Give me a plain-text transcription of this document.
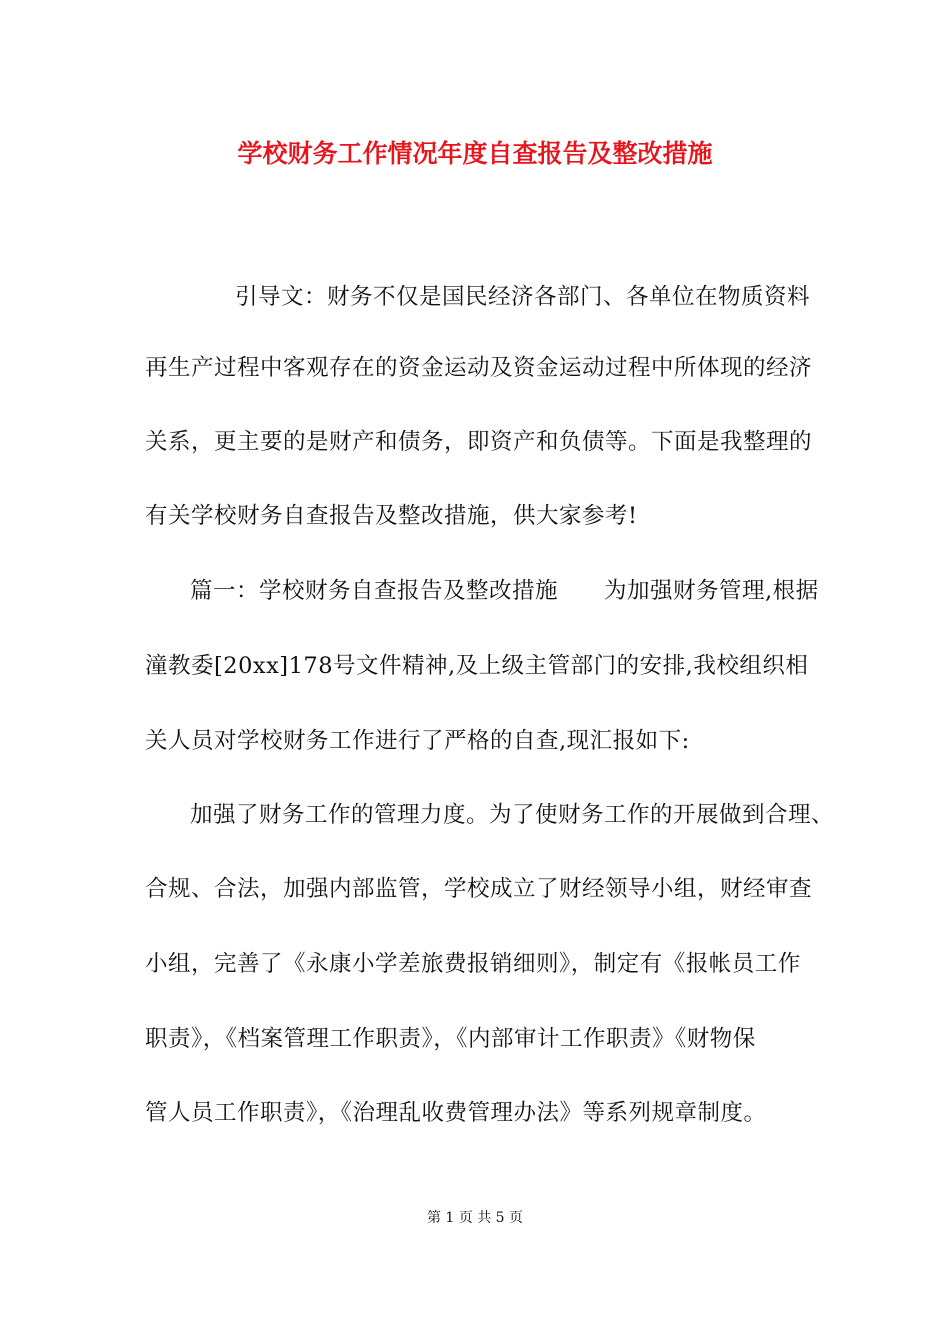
学校财务工作情况年度自查报告及整改措施
引导文：财务不仅是国民经济各部门、各单位在物质资料
再生产过程中客观存在的资金运动及资金运动过程中所体现的经济
关系，更主要的是财产和债务，即资产和负债等。下面是我整理的
有关学校财务自查报告及整改措施，供大家参考!
篇一：学校财务自查报告及整改措施　　为加强财务管理,根据
潼教委[20xx]178号文件精神,及上级主管部门的安排,我校组织相
关人员对学校财务工作进行了严格的自查,现汇报如下:
加强了财务工作的管理力度。为了使财务工作的开展做到合理、
合规、合法，加强内部监管，学校成立了财经领导小组，财经审查
小组，完善了《永康小学差旅费报销细则》，制定有《报帐员工作
职责》，《档案管理工作职责》，《内部审计工作职责》《财物保
管人员工作职责》，《治理乱收费管理办法》等系列规章制度。
第 1 页 共 5 页
